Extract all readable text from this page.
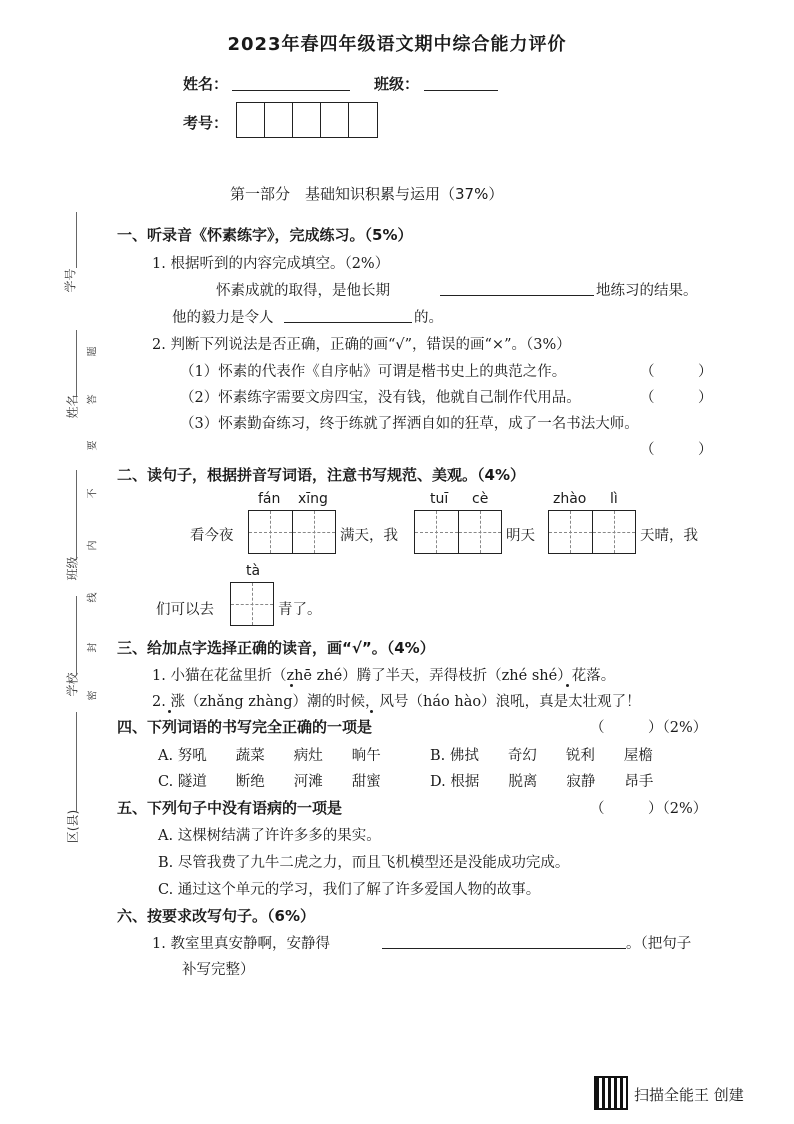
2023年春四年级语文期中综合能力评价
姓名：	班级：
考号：
第一部分　基础知识积累与运用（37%）
一、听录音《怀素练字》，完成练习。（5%）
1. 根据听到的内容完成填空。（2%）
怀素成就的取得，是他长期	地练习的结果。
他的毅力是令人	的。
2. 判断下列说法是否正确，正确的画“√”，错误的画“×”。（3%）
（1）怀素的代表作《自序帖》可谓是楷书史上的典范之作。	（　　　）
（2）怀素练字需要文房四宝，没有钱，他就自己制作代用品。	（　　　）
（3）怀素勤奋练习，终于练就了挥洒自如的狂草，成了一名书法大师。
（　　　）
二、读句子，根据拼音写词语，注意书写规范、美观。（4%）
fán xīng	tuī cè	zhào lì
看今夜	满天，我	明天	天晴，我
tà
们可以去	青了。
三、给加点字选择正确的读音，画“√”。（4%）
1. 小猫在花盆里折（zhē zhé）腾了半天，弄得枝折（zhé shé）花落。
2. 涨（zhǎng zhàng）潮的时候，风号（háo hào）浪吼，真是太壮观了！
四、下列词语的书写完全正确的一项是	（　　　）（2%）
A. 努吼　　蔬菜　　病灶　　晌午	B. 佛拭　　奇幻　　锐利　　屋檐
C. 隧道　　断绝　　河滩　　甜蜜	D. 根据　　脱离　　寂静　　昂手
五、下列句子中没有语病的一项是	（　　　）（2%）
A. 这棵树结满了许许多多的果实。
B. 尽管我费了九牛二虎之力，而且飞机模型还是没能成功完成。
C. 通过这个单元的学习，我们了解了许多爱国人物的故事。
六、按要求改写句子。（6%）
1. 教室里真安静啊，安静得	。（把句子
补写完整）
学号
姓名
班级
学校
区(县)
题
答
要
不
内
线
封
密
扫描全能王 创建
